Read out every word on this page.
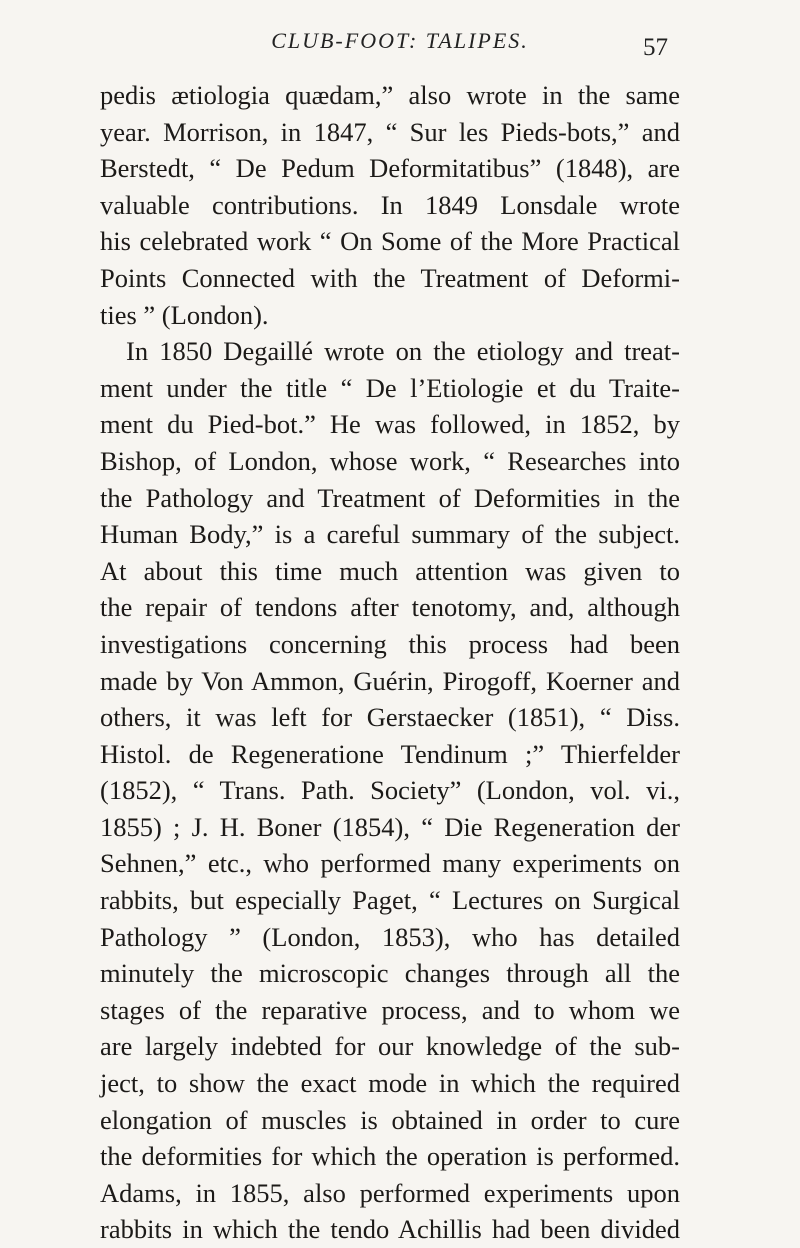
CLUB-FOOT: TALIPES.	57
pedis ætiologia quædam,” also wrote in the same
year. Morrison, in 1847, “ Sur les Pieds-bots,” and
Berstedt, “ De Pedum Deformitatibus” (1848), are
valuable contributions. In 1849 Lonsdale wrote
his celebrated work “ On Some of the More Practical
Points Connected with the Treatment of Deformi-
ties ” (London).
In 1850 Degaillé wrote on the etiology and treat-
ment under the title “ De l’Etiologie et du Traite-
ment du Pied-bot.” He was followed, in 1852, by
Bishop, of London, whose work, “ Researches into
the Pathology and Treatment of Deformities in the
Human Body,” is a careful summary of the subject.
At about this time much attention was given to
the repair of tendons after tenotomy, and, although
investigations concerning this process had been
made by Von Ammon, Guérin, Pirogoff, Koerner and
others, it was left for Gerstaecker (1851), “ Diss.
Histol. de Regeneratione Tendinum ;” Thierfelder
(1852), “ Trans. Path. Society” (London, vol. vi.,
1855) ; J. H. Boner (1854), “ Die Regeneration der
Sehnen,” etc., who performed many experiments on
rabbits, but especially Paget, “ Lectures on Surgical
Pathology ” (London, 1853), who has detailed
minutely the microscopic changes through all the
stages of the reparative process, and to whom we
are largely indebted for our knowledge of the sub-
ject, to show the exact mode in which the required
elongation of muscles is obtained in order to cure
the deformities for which the operation is performed.
Adams, in 1855, also performed experiments upon
rabbits in which the tendo Achillis had been divided
